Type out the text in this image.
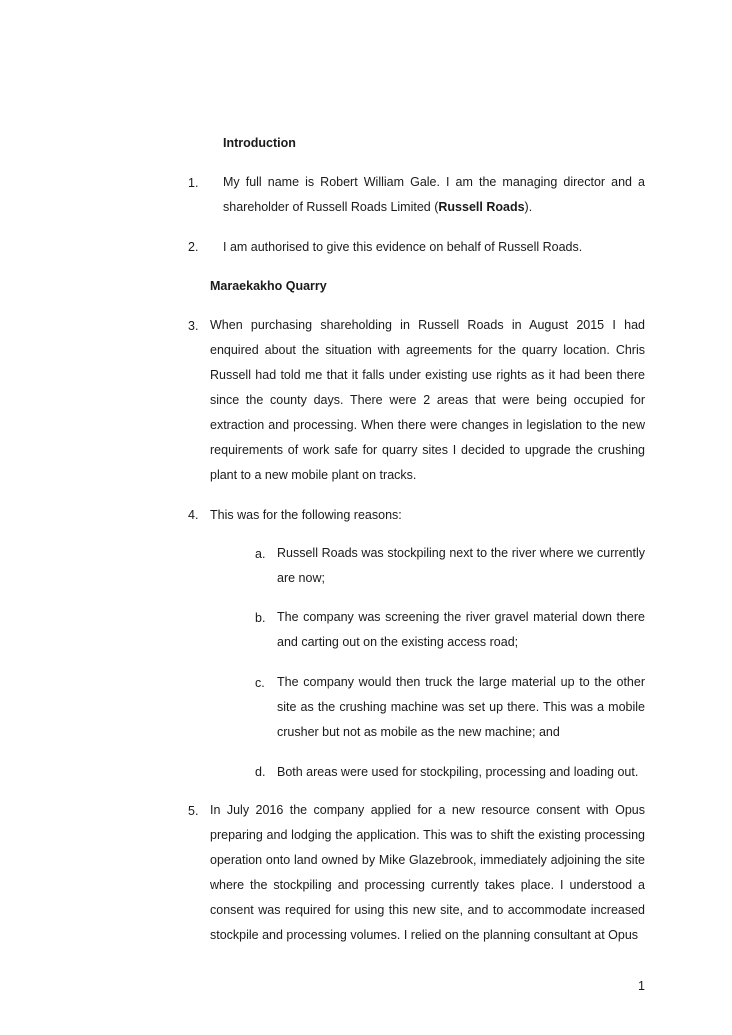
Introduction
1. My full name is Robert William Gale. I am the managing director and a shareholder of Russell Roads Limited (Russell Roads).
2. I am authorised to give this evidence on behalf of Russell Roads.
Maraekakho Quarry
3. When purchasing shareholding in Russell Roads in August 2015 I had enquired about the situation with agreements for the quarry location. Chris Russell had told me that it falls under existing use rights as it had been there since the county days. There were 2 areas that were being occupied for extraction and processing. When there were changes in legislation to the new requirements of work safe for quarry sites I decided to upgrade the crushing plant to a new mobile plant on tracks.
4. This was for the following reasons:
a. Russell Roads was stockpiling next to the river where we currently are now;
b. The company was screening the river gravel material down there and carting out on the existing access road;
c. The company would then truck the large material up to the other site as the crushing machine was set up there. This was a mobile crusher but not as mobile as the new machine; and
d. Both areas were used for stockpiling, processing and loading out.
5. In July 2016 the company applied for a new resource consent with Opus preparing and lodging the application. This was to shift the existing processing operation onto land owned by Mike Glazebrook, immediately adjoining the site where the stockpiling and processing currently takes place. I understood a consent was required for using this new site, and to accommodate increased stockpile and processing volumes. I relied on the planning consultant at Opus
1
